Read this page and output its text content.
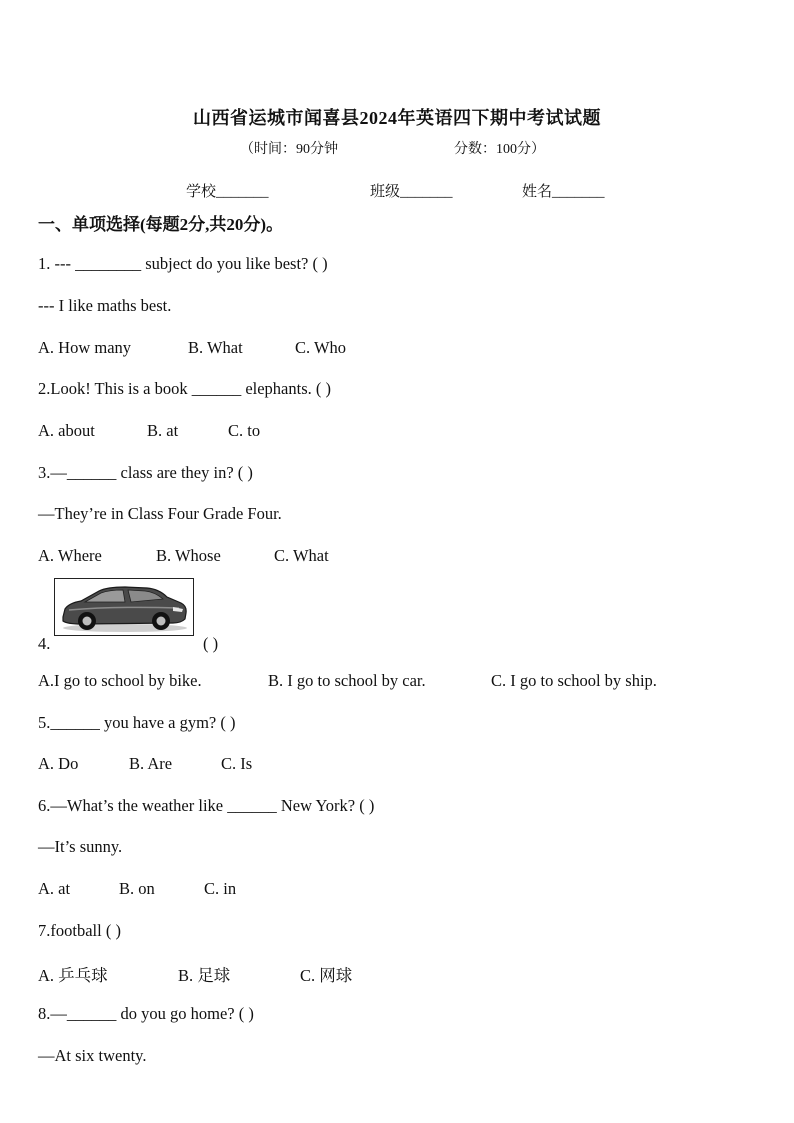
山西省运城市闻喜县2024年英语四下期中考试试题
（时间：90分钟	分数：100分）
学校_______	班级_______	姓名_______
一、单项选择(每题2分,共20分)。
1. --- ________ subject do you like best? ( )
--- I like maths best.
A. How many	B. What	C. Who
2.Look! This is a book ______ elephants. ( )
A. about	B. at	C. to
3.—______ class are they in? ( )
—They’re in Class Four Grade Four.
A. Where	B. Whose	C. What
4.	( )
A.I go to school by bike.	B. I go to school by car.	C. I go to school by ship.
5.______ you have a gym? ( )
A. Do	B. Are	C. Is
6.—What’s the weather like ______ New York? ( )
—It’s sunny.
A. at	B. on	C. in
7.football ( )
A. 乒乓球	B. 足球	C. 网球
8.—______ do you go home? ( )
—At six twenty.
